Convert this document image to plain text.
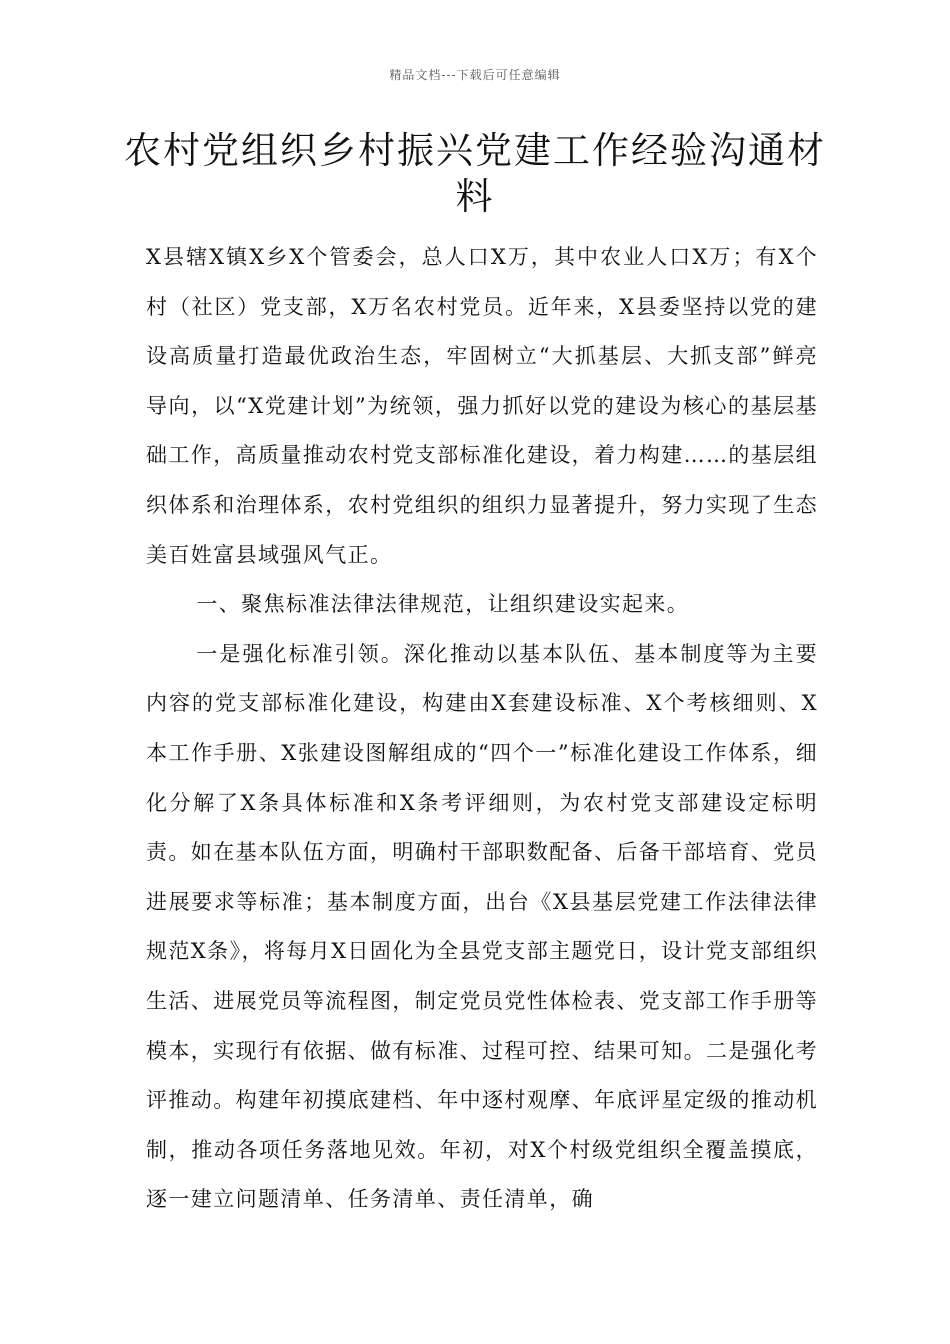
精品文档---下载后可任意编辑
农村党组织乡村振兴党建工作经验沟通材料

X县辖X镇X乡X个管委会，总人口X万，其中农业人口X万；有X个村（社区）党支部，X万名农村党员。近年来，X县委坚持以党的建设高质量打造最优政治生态，牢固树立“大抓基层、大抓支部”鲜亮导向，以“X党建计划”为统领，强力抓好以党的建设为核心的基层基础工作，高质量推动农村党支部标准化建设，着力构建……的基层组织体系和治理体系，农村党组织的组织力显著提升，努力实现了生态美百姓富县域强风气正。

一、聚焦标准法律法律规范，让组织建设实起来。

一是强化标准引领。深化推动以基本队伍、基本制度等为主要内容的党支部标准化建设，构建由X套建设标准、X个考核细则、X本工作手册、X张建设图解组成的“四个一”标准化建设工作体系，细化分解了X条具体标准和X条考评细则，为农村党支部建设定标明责。如在基本队伍方面，明确村干部职数配备、后备干部培育、党员进展要求等标准；基本制度方面，出台《X县基层党建工作法律法律规范X条》，将每月X日固化为全县党支部主题党日，设计党支部组织生活、进展党员等流程图，制定党员党性体检表、党支部工作手册等模本，实现行有依据、做有标准、过程可控、结果可知。二是强化考评推动。构建年初摸底建档、年中逐村观摩、年底评星定级的推动机制，推动各项任务落地见效。年初，对X个村级党组织全覆盖摸底，逐一建立问题清单、任务清单、责任清单，确
